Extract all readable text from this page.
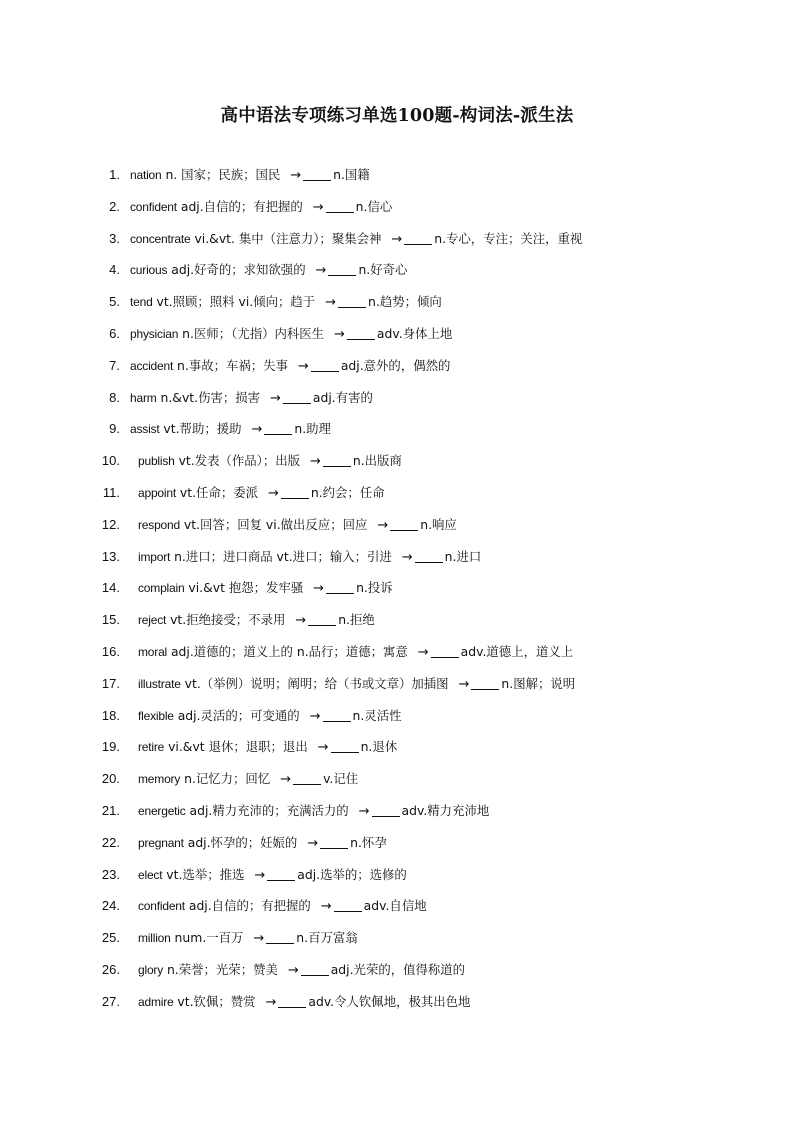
高中语法专项练习单选100题-构词法-派生法
1. nation n. 国家；民族；国民 →	n.国籍
2. confident adj.自信的；有把握的 →	n.信心
3. concentrate vi.&vt. 集中（注意力）；聚集会神 →	n.专心，专注；关注，重视
4. curious adj.好奇的；求知欲强的 →	n.好奇心
5. tend vt.照顾；照料 vi.倾向；趋于 →	n.趋势；倾向
6. physician n.医师；（尤指）内科医生 →	adv.身体上地
7. accident n.事故；车祸；失事 →	adj.意外的，偶然的
8. harm n.&vt.伤害；损害 →	adj.有害的
9. assist vt.帮助；援助 →	n.助理
10. publish vt.发表（作品）；出版 →	n.出版商
11. appoint vt.任命；委派 →	n.约会；任命
12. respond vt.回答；回复 vi.做出反应；回应 →	n.响应
13. import n.进口；进口商品 vt.进口；输入；引进 →	n.进口
14. complain vi.&vt 抱怨；发牢骚 →	n.投诉
15. reject vt.拒绝接受；不录用 →	n.拒绝
16. moral adj.道德的；道义上的 n.品行；道德；寓意 →	adv.道德上，道义上
17. illustrate vt.（举例）说明；阐明；给（书或文章）加插图 →	n.图解；说明
18. flexible adj.灵活的；可变通的 →	n.灵活性
19. retire vi.&vt 退休；退职；退出 →	n.退休
20. memory n.记忆力；回忆 →	v.记住
21. energetic adj.精力充沛的；充满活力的 →	adv.精力充沛地
22. pregnant adj.怀孕的；妊娠的 →	n.怀孕
23. elect vt.选举；推选 →	adj.选举的；选修的
24. confident adj.自信的；有把握的 →	adv.自信地
25. million num.一百万 →	n.百万富翁
26. glory n.荣誉；光荣；赞美 →	adj.光荣的，值得称道的
27. admire vt.钦佩；赞赏 →	adv.令人钦佩地，极其出色地
